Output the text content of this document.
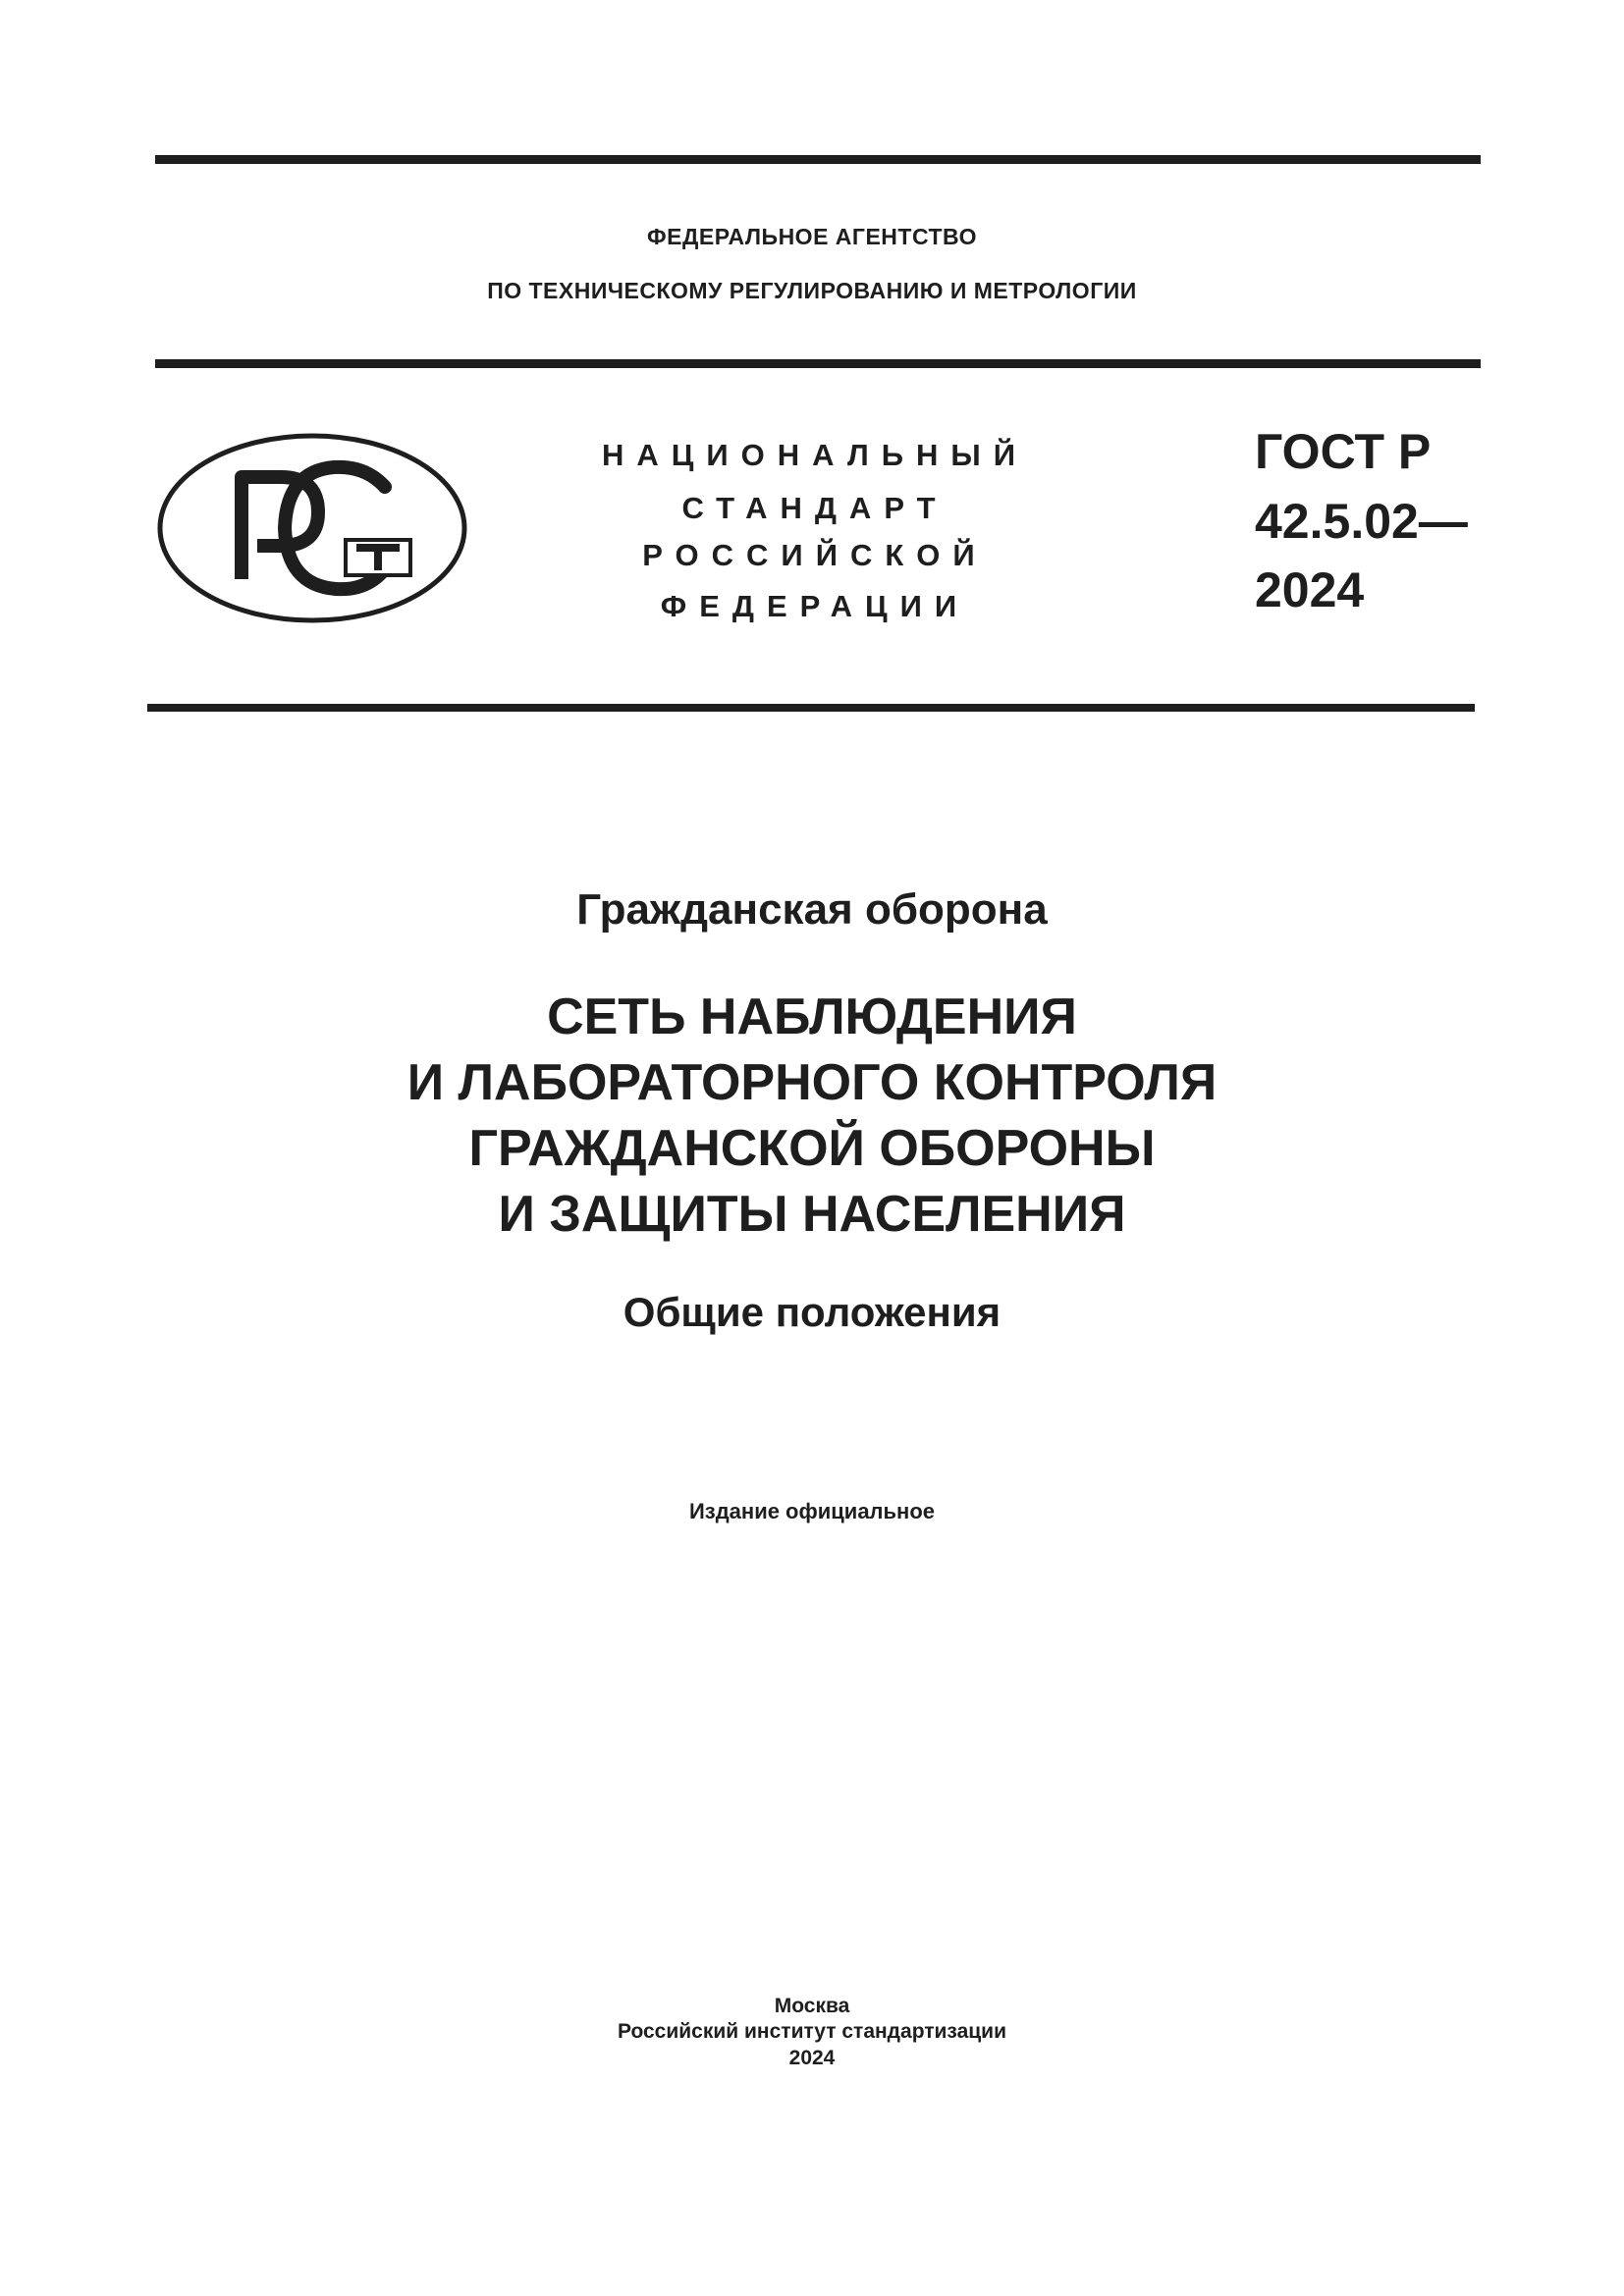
ФЕДЕРАЛЬНОЕ АГЕНТСТВО
ПО ТЕХНИЧЕСКОМУ РЕГУЛИРОВАНИЮ И МЕТРОЛОГИИ
НАЦИОНАЛЬНЫЙ
СТАНДАРТ
РОССИЙСКОЙ
ФЕДЕРАЦИИ
ГОСТ Р
42.5.02—
2024
Гражданская оборона
СЕТЬ НАБЛЮДЕНИЯ
И ЛАБОРАТОРНОГО КОНТРОЛЯ
ГРАЖДАНСКОЙ ОБОРОНЫ
И ЗАЩИТЫ НАСЕЛЕНИЯ
Общие положения
Издание официальное
Москва
Российский институт стандартизации
2024
